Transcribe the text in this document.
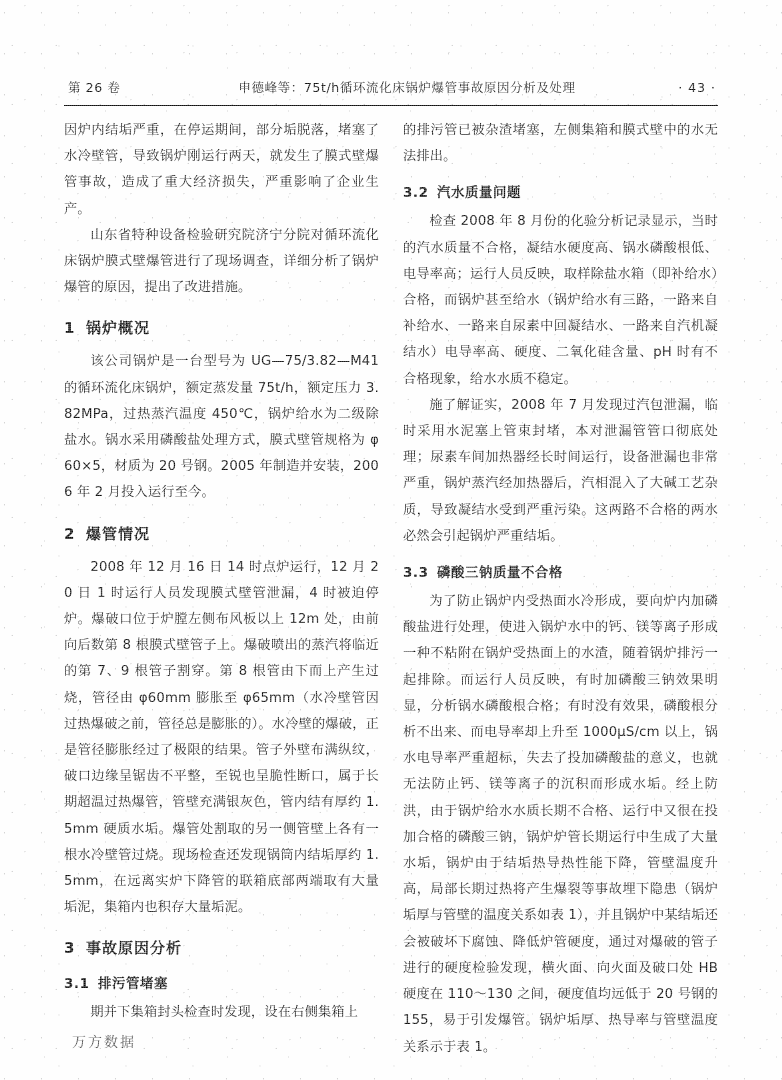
第 26 卷	申德峰等：75t/h循环流化床锅炉爆管事故原因分析及处理	· 43 ·

因炉内结垢严重，在停运期间，部分垢脱落，堵塞了水冷壁管，导致锅炉刚运行两天，就发生了膜式壁爆管事故，造成了重大经济损失，严重影响了企业生产。

山东省特种设备检验研究院济宁分院对循环流化床锅炉膜式壁爆管进行了现场调查，详细分析了锅炉爆管的原因，提出了改进措施。

1 锅炉概况

该公司锅炉是一台型号为 UG—75/3.82—M41 的循环流化床锅炉，额定蒸发量 75t/h，额定压力 3.82MPa，过热蒸汽温度 450℃，锅炉给水为二级除盐水。锅水采用磷酸盐处理方式，膜式壁管规格为 φ60×5，材质为 20 号钢。2005 年制造并安装，2006 年 2 月投入运行至今。

2 爆管情况

2008 年 12 月 16 日 14 时点炉运行，12 月 20 日 1 时运行人员发现膜式壁管泄漏，4 时被迫停炉。爆破口位于炉膛左侧布风板以上 12m 处，由前向后数第 8 根膜式壁管子上。爆破喷出的蒸汽将临近的第 7、9 根管子割穿。第 8 根管由下而上产生过烧，管径由 φ60mm 膨胀至 φ65mm（水冷壁管因过热爆破之前，管径总是膨胀的）。水冷壁的爆破，正是管径膨胀经过了极限的结果。管子外壁布满纵纹，破口边缘呈锯齿不平整，至锐也呈脆性断口，属于长期超温过热爆管，管壁充满银灰色，管内结有厚约 1.5mm 硬质水垢。爆管处割取的另一侧管壁上各有一根水冷壁管过烧。现场检查还发现锅筒内结垢厚约 1.5mm，在远离实炉下降管的联箱底部两端取有大量垢泥，集箱内也积存大量垢泥。

3 事故原因分析
3.1 排污管堵塞

期并下集箱封头检查时发现，设在右侧集箱上

的排污管已被杂渣堵塞，左侧集箱和膜式壁中的水无法排出。

3.2 汽水质量问题

检查 2008 年 8 月份的化验分析记录显示，当时的汽水质量不合格，凝结水硬度高、锅水磷酸根低、电导率高；运行人员反映，取样除盐水箱（即补给水）合格，而锅炉甚至给水（锅炉给水有三路，一路来自补给水、一路来自尿素中回凝结水、一路来自汽机凝结水）电导率高、硬度、二氧化硅含量、pH 时有不合格现象，给水水质不稳定。

施了解证实，2008 年 7 月发现过汽包泄漏，临时采用水泥塞上管束封堵，本对泄漏管管口彻底处理；尿素车间加热器经长时间运行，设备泄漏也非常严重，锅炉蒸汽经加热器后，汽相混入了大碱工艺杂质，导致凝结水受到严重污染。这两路不合格的两水必然会引起锅炉严重结垢。

3.3 磷酸三钠质量不合格

为了防止锅炉内受热面水冷形成，要向炉内加磷酸盐进行处理，使进入锅炉水中的钙、镁等离子形成一种不粘附在锅炉受热面上的水渣，随着锅炉排污一起排除。而运行人员反映，有时加磷酸三钠效果明显，分析锅水磷酸根合格；有时没有效果，磷酸根分析不出来、而电导率却上升至 1000μS/cm 以上，锅水电导率严重超标，失去了投加磷酸盐的意义，也就无法防止钙、镁等离子的沉积而形成水垢。经上防洪，由于锅炉给水水质长期不合格、运行中又很在投加合格的磷酸三钠，锅炉炉管长期运行中生成了大量水垢，锅炉由于结垢热导热性能下降，管壁温度升高，局部长期过热将产生爆裂等事故埋下隐患（锅炉垢厚与管壁的温度关系如表 1），并且锅炉中某结垢还会被破坏下腐蚀、降低炉管硬度，通过对爆破的管子进行的硬度检验发现，横火面、向火面及破口处 HB 硬度在 110～130 之间，硬度值均远低于 20 号钢的 155，易于引发爆管。锅炉垢厚、热导率与管壁温度关系示于表 1。

万方数据
